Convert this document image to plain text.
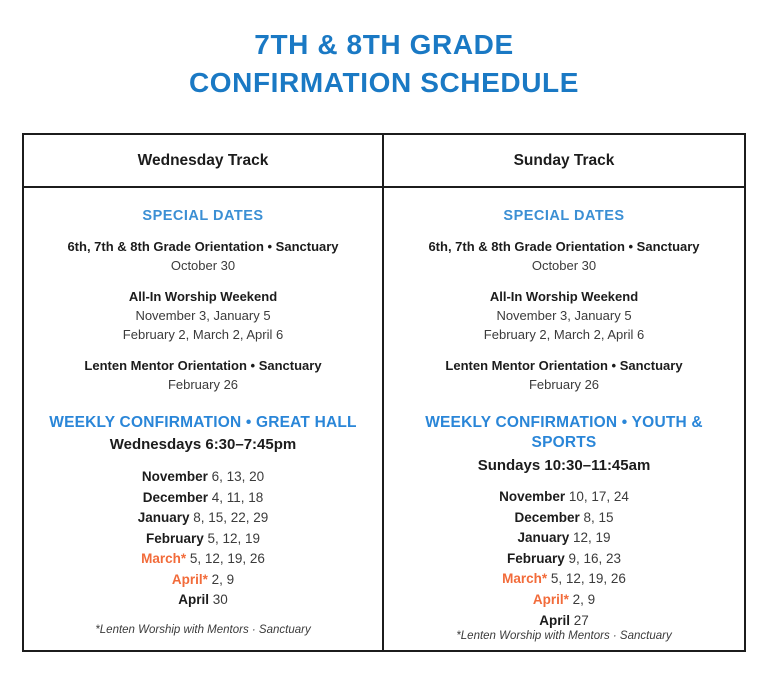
7TH & 8TH GRADE
CONFIRMATION SCHEDULE
Wednesday Track	Sunday Track
SPECIAL DATES
6th, 7th & 8th Grade Orientation • Sanctuary
October 30
All-In Worship Weekend
November 3, January 5
February 2, March 2, April 6
Lenten Mentor Orientation • Sanctuary
February 26
WEEKLY CONFIRMATION • GREAT HALL
Wednesdays 6:30–7:45pm
November 6, 13, 20
December 4, 11, 18
January 8, 15, 22, 29
February 5, 12, 19
March* 5, 12, 19, 26
April* 2, 9
April 30
*Lenten Worship with Mentors · Sanctuary
SPECIAL DATES
6th, 7th & 8th Grade Orientation • Sanctuary
October 30
All-In Worship Weekend
November 3, January 5
February 2, March 2, April 6
Lenten Mentor Orientation • Sanctuary
February 26
WEEKLY CONFIRMATION • YOUTH & SPORTS
Sundays 10:30–11:45am
November 10, 17, 24
December 8, 15
January 12, 19
February 9, 16, 23
March* 5, 12, 19, 26
April* 2, 9
April 27
*Lenten Worship with Mentors · Sanctuary
